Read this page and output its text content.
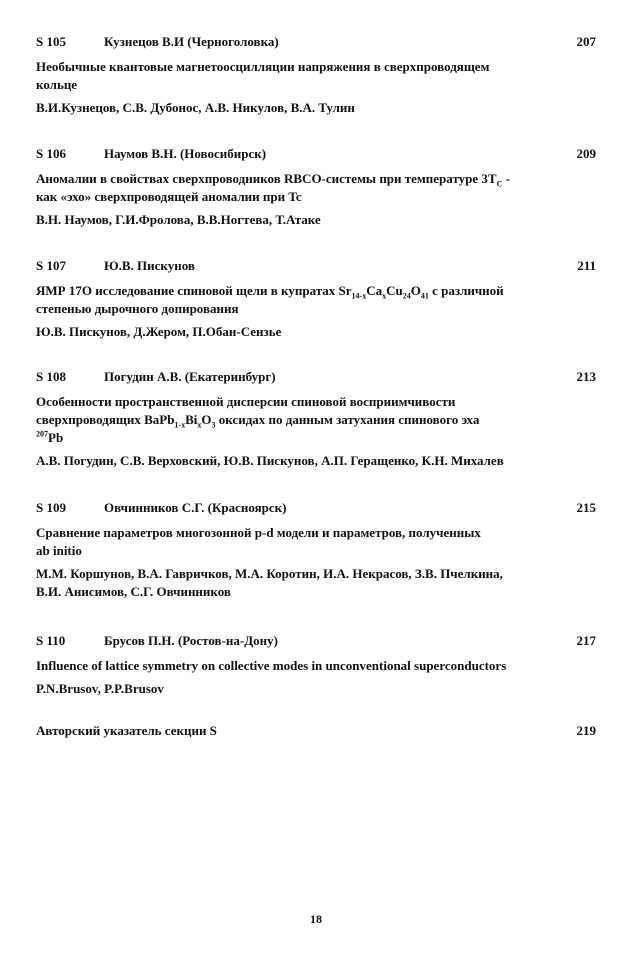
S 105	Кузнецов В.И (Черноголовка)	207
Необычные квантовые магнетоосцилляции напряжения в сверхпроводящем
кольце
В.И.Кузнецов, С.В. Дубонос, А.В. Никулов, В.А. Тулин
S 106	Наумов В.Н. (Новосибирск)	209
Аномалии в свойствах сверхпроводников RBCO-системы при температуре $3T_C$ -
как «эхо» сверхпроводящей аномалии при Tc
В.Н. Наумов, Г.И.Фролова, В.В.Ногтева, Т.Атаке
S 107	Ю.В. Пискунов	211
ЯМР 17O исследование спиновой щели в купратах $Sr_{14-x}Ca_xCu_{24}O_{41}$ с различной
степенью дырочного допирования
Ю.В. Пискунов, Д.Жером, П.Обан-Сензье
S 108	Погудин А.В. (Екатеринбург)	213
Особенности пространственной дисперсии спиновой восприимчивости
сверхпроводящих $BaPb_{1-x}Bi_xO_3$ оксидах по данным затухания спинового эха
$^{207}$Pb
А.В. Погудин, С.В. Верховский, Ю.В. Пискунов, А.П. Геращенко, К.Н. Михалев
S 109	Овчинников С.Г. (Красноярск)	215
Сравнение параметров многозонной p-d модели и параметров, полученных
ab initio
М.М. Коршунов, В.А. Гавричков, М.А. Коротин, И.А. Некрасов, З.В. Пчелкина,
В.И. Анисимов, С.Г. Овчинников
S 110	Брусов П.Н. (Ростов-на-Дону)	217
Influence of lattice symmetry on collective modes in unconventional superconductors
P.N.Brusov, P.P.Brusov
Авторский указатель секции S	219
18
